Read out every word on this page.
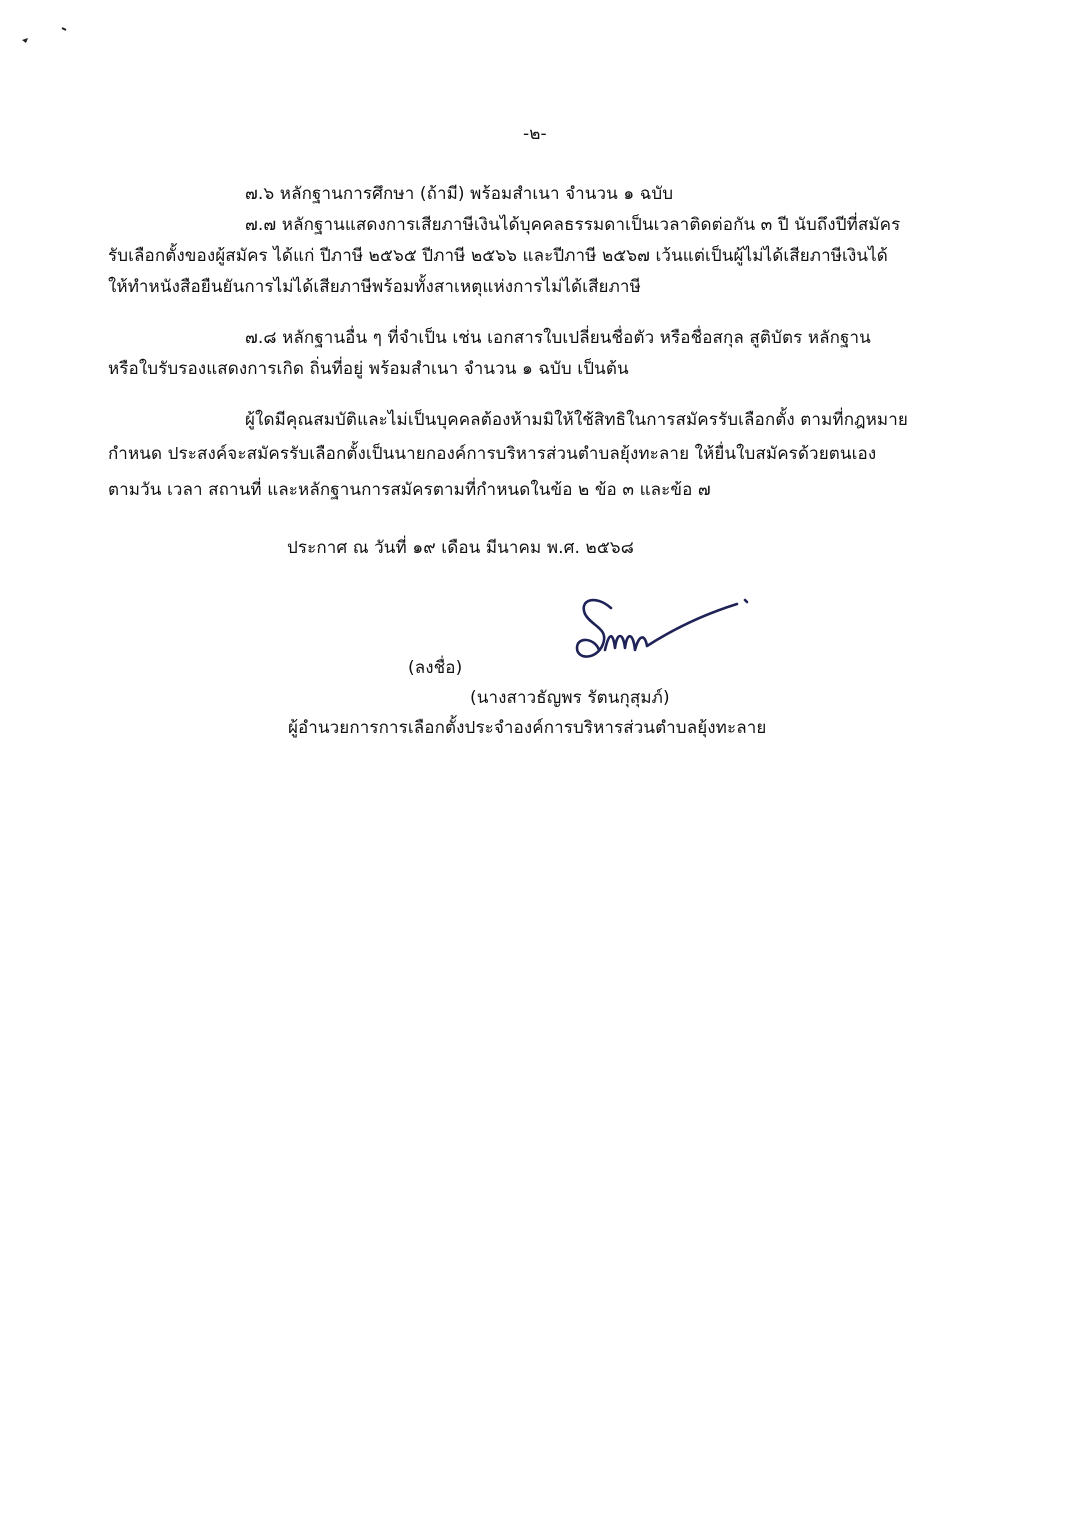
-๒-
๗.๖ หลักฐานการศึกษา (ถ้ามี) พร้อมสำเนา จำนวน ๑ ฉบับ
๗.๗ หลักฐานแสดงการเสียภาษีเงินได้บุคคลธรรมดาเป็นเวลาติดต่อกัน ๓ ปี นับถึงปีที่สมัคร
รับเลือกตั้งของผู้สมัคร ได้แก่ ปีภาษี ๒๕๖๕ ปีภาษี ๒๕๖๖ และปีภาษี ๒๕๖๗ เว้นแต่เป็นผู้ไม่ได้เสียภาษีเงินได้
ให้ทำหนังสือยืนยันการไม่ได้เสียภาษีพร้อมทั้งสาเหตุแห่งการไม่ได้เสียภาษี
๗.๘ หลักฐานอื่น ๆ ที่จำเป็น เช่น เอกสารใบเปลี่ยนชื่อตัว หรือชื่อสกุล สูติบัตร หลักฐาน
หรือใบรับรองแสดงการเกิด ถิ่นที่อยู่ พร้อมสำเนา จำนวน ๑ ฉบับ เป็นต้น
ผู้ใดมีคุณสมบัติและไม่เป็นบุคคลต้องห้ามมิให้ใช้สิทธิในการสมัครรับเลือกตั้ง ตามที่กฎหมาย
กำหนด ประสงค์จะสมัครรับเลือกตั้งเป็นนายกองค์การบริหารส่วนตำบลยุ้งทะลาย ให้ยื่นใบสมัครด้วยตนเอง
ตามวัน เวลา สถานที่ และหลักฐานการสมัครตามที่กำหนดในข้อ ๒ ข้อ ๓ และข้อ ๗
ประกาศ ณ วันที่ ๑๙ เดือน มีนาคม พ.ศ. ๒๕๖๘
(ลงชื่อ)
(นางสาวธัญพร รัตนกุสุมภ์)
ผู้อำนวยการการเลือกตั้งประจำองค์การบริหารส่วนตำบลยุ้งทะลาย
